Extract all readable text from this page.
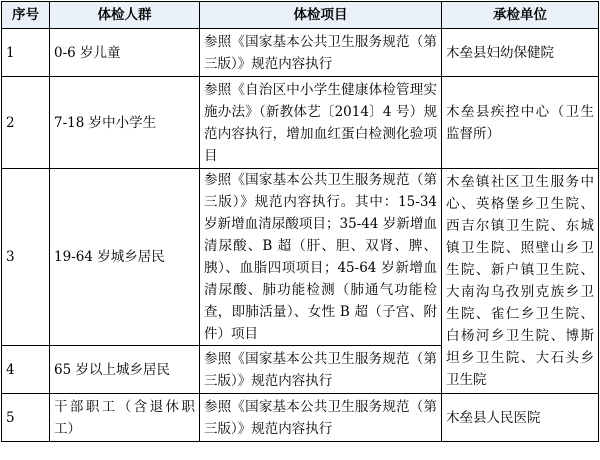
序号	体检人群	体检项目	承检单位
1	0-6 岁儿童	参照《国家基本公共卫生服务规范（第三版）》规范内容执行	木垒县妇幼保健院
2	7-18 岁中小学生	参照《自治区中小学生健康体检管理实施办法》（新教体艺〔2014〕4 号）规范内容执行，增加血红蛋白检测化验项目	木垒县疾控中心（卫生监督所）

3	19-64 岁城乡居民	参照《国家基本公共卫生服务规范（第三版）》规范内容执行。其中：15-34 岁新增血清尿酸项目；35-44 岁新增血清尿酸、B 超（肝、胆、双肾、脾、胰）、血脂四项项目；45-64 岁新增血清尿酸、肺功能检测（肺通气功能检查，即肺活量）、女性 B 超（子宫、附件）项目	木垒镇社区卫生服务中心、英格堡乡卫生院、西吉尔镇卫生院、东城镇卫生院、照壁山乡卫生院、新户镇卫生院、大南沟乌孜别克族乡卫生院、雀仁乡卫生院、白杨河乡卫生院、博斯坦乡卫生院、大石头乡卫生院

4	65 岁以上城乡居民	参照《国家基本公共卫生服务规范（第三版）》规范内容执行	

5	干部职工（含退休职工）	参照《国家基本公共卫生服务规范（第三版）》规范内容执行	木垒县人民医院
